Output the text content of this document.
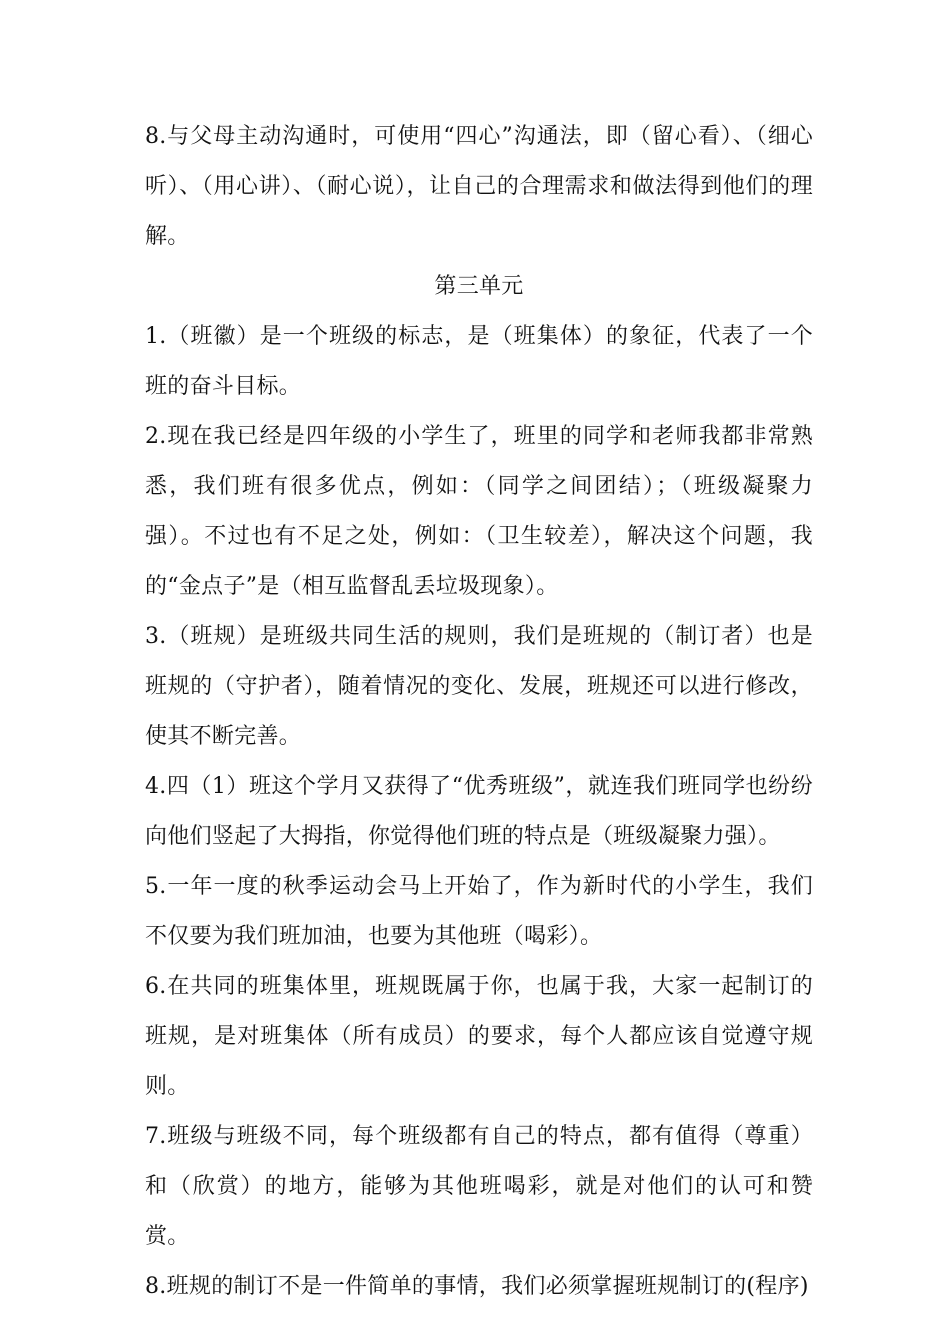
8.与父母主动沟通时，可使用“四心”沟通法，即（留心看）、（细心听）、（用心讲）、（耐心说），让自己的合理需求和做法得到他们的理解。

第三单元

1.（班徽）是一个班级的标志，是（班集体）的象征，代表了一个班的奋斗目标。

2.现在我已经是四年级的小学生了，班里的同学和老师我都非常熟悉，我们班有很多优点，例如：（同学之间团结）；（班级凝聚力强）。不过也有不足之处，例如：（卫生较差），解决这个问题，我的“金点子”是（相互监督乱丢垃圾现象）。

3.（班规）是班级共同生活的规则，我们是班规的（制订者）也是班规的（守护者），随着情况的变化、发展，班规还可以进行修改，使其不断完善。

4.四（1）班这个学月又获得了“优秀班级”，就连我们班同学也纷纷向他们竖起了大拇指，你觉得他们班的特点是（班级凝聚力强）。

5.一年一度的秋季运动会马上开始了，作为新时代的小学生，我们不仅要为我们班加油，也要为其他班（喝彩）。

6.在共同的班集体里，班规既属于你，也属于我，大家一起制订的班规，是对班集体（所有成员）的要求，每个人都应该自觉遵守规则。

7.班级与班级不同，每个班级都有自己的特点，都有值得（尊重）和（欣赏）的地方，能够为其他班喝彩，就是对他们的认可和赞赏。

8.班规的制订不是一件简单的事情，我们必须掌握班规制订的(程序)
